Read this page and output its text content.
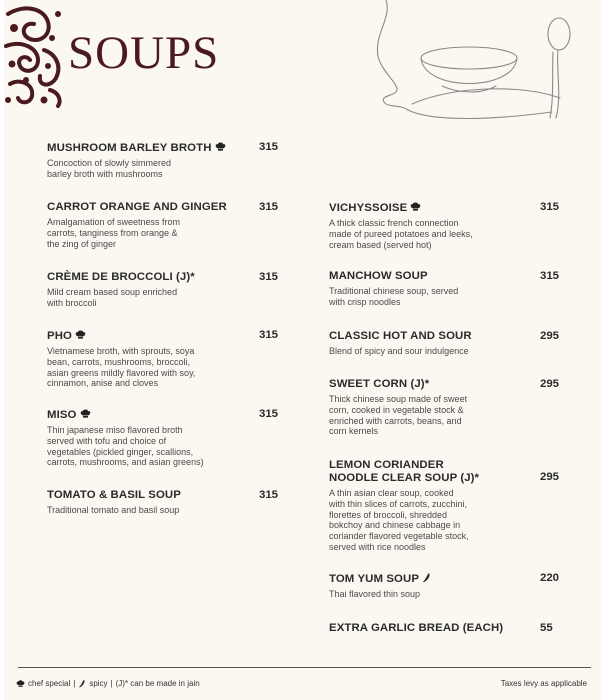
SOUPS
MUSHROOM BARLEY BROTH
Concoction of slowly simmered
barley broth with mushrooms
315
CARROT ORANGE AND GINGER
Amalgamation of sweetness from
carrots, tanginess from orange &
the zing of ginger
315
CRÈME DE BROCCOLI (J)*
Mild cream based soup enriched
with broccoli
315
PHO
Vietnamese broth, with sprouts, soya
bean, carrots, mushrooms, broccoli,
asian greens mildly flavored with soy,
cinnamon, anise and cloves
315
MISO
Thin japanese miso flavored broth
served with tofu and choice of
vegetables (pickled ginger, scallions,
carrots, mushrooms, and asian greens)
315
TOMATO & BASIL SOUP
Traditional tomato and basil soup
315
VICHYSSOISE
A thick classic french connection
made of pureed potatoes and leeks,
cream based (served hot)
315
MANCHOW SOUP
Traditional chinese soup, served
with crisp noodles
315
CLASSIC HOT AND SOUR
Blend of spicy and sour indulgence
295
SWEET CORN (J)*
Thick chinese soup made of sweet
corn, cooked in vegetable stock &
enriched with carrots, beans, and
corn kernels
295
LEMON CORIANDER
NOODLE CLEAR SOUP (J)*
A thin asian clear soup, cooked
with thin slices of carrots, zucchini,
florettes of broccoli, shredded
bokchoy and chinese cabbage in
coriander flavored vegetable stock,
served with rice noodles
295
TOM YUM SOUP
Thai flavored thin soup
220
EXTRA GARLIC BREAD (EACH)	55
chef special | spicy | (J)* can be made in jain	Taxes levy as applicable
